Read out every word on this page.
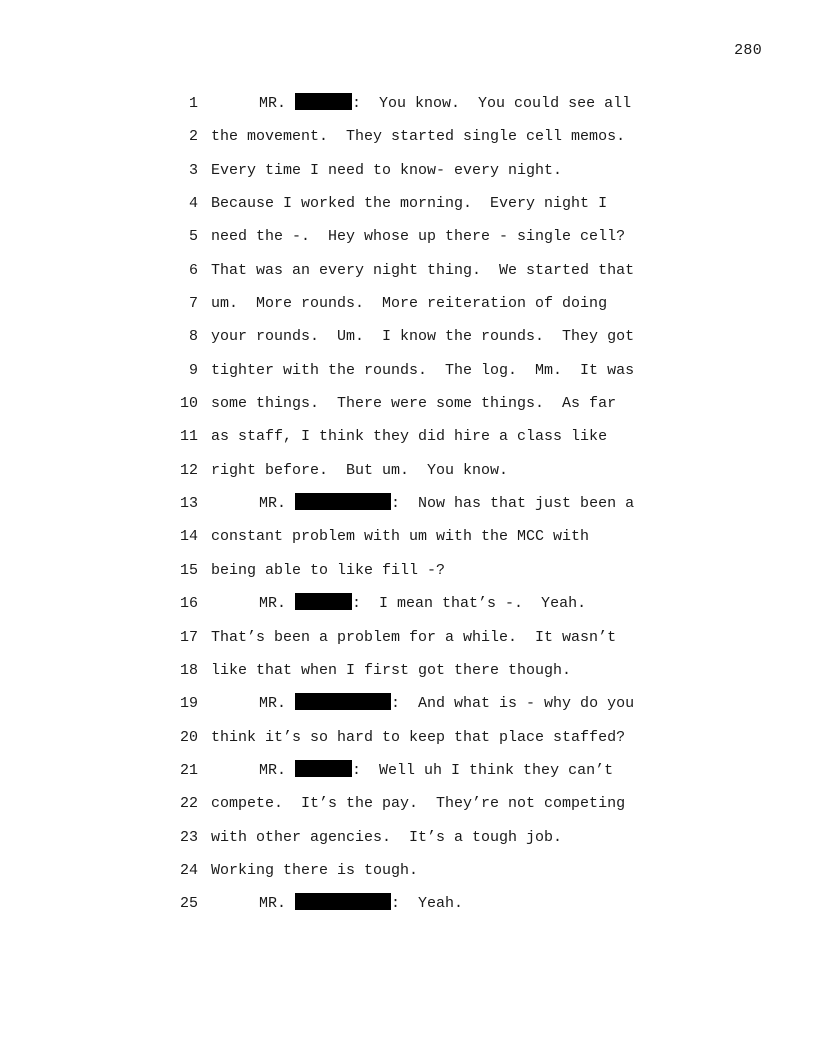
280
1	MR.	:  You know.  You could see all
2 the movement.  They started single cell memos.
3 Every time I need to know- every night.
4 Because I worked the morning.  Every night I
5 need the -.  Hey whose up there - single cell?
6 That was an every night thing.  We started that
7 um.  More rounds.  More reiteration of doing
8 your rounds.  Um.  I know the rounds.  They got
9 tighter with the rounds.  The log.  Mm.  It was
10 some things.  There were some things.  As far
11 as staff, I think they did hire a class like
12 right before.  But um.  You know.
13	MR.	:  Now has that just been a
14 constant problem with um with the MCC with
15 being able to like fill -?
16	MR.	:  I mean that’s -.  Yeah.
17 That’s been a problem for a while.  It wasn’t
18 like that when I first got there though.
19	MR.	:  And what is - why do you
20 think it’s so hard to keep that place staffed?
21	MR.	:  Well uh I think they can’t
22 compete.  It’s the pay.  They’re not competing
23 with other agencies.  It’s a tough job.
24 Working there is tough.
25	MR.	:  Yeah.
